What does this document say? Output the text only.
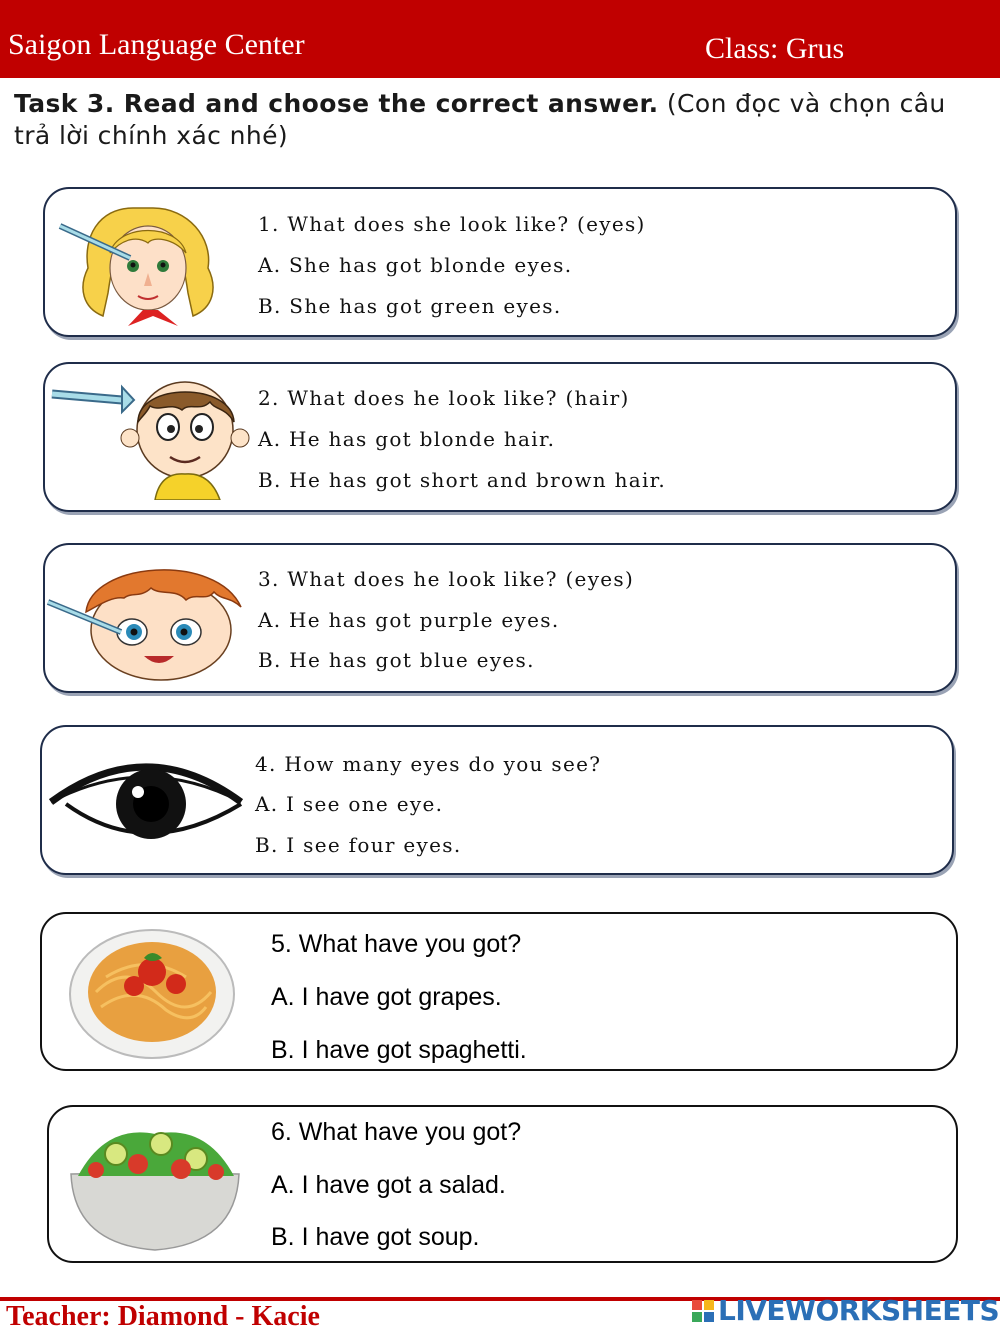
Saigon Language Center	Class: Grus
Task 3. Read and choose the correct answer. (Con đọc và chọn câu trả lời chính xác nhé)
1. What does she look like? (eyes)
A. She has got blonde eyes.
B. She has got green eyes.
2. What does he look like? (hair)
A. He has got blonde hair.
B. He has got short and brown hair.
3. What does he look like? (eyes)
A. He has got purple eyes.
B. He has got blue eyes.
4. How many eyes do you see?
A. I see one eye.
B. I see four eyes.
5. What have you got?
A. I have got grapes.
B. I have got spaghetti.
6. What have you got?
A. I have got a salad.
B. I have got soup.
Teacher: Diamond - Kacie	LIVEWORKSHEETS
